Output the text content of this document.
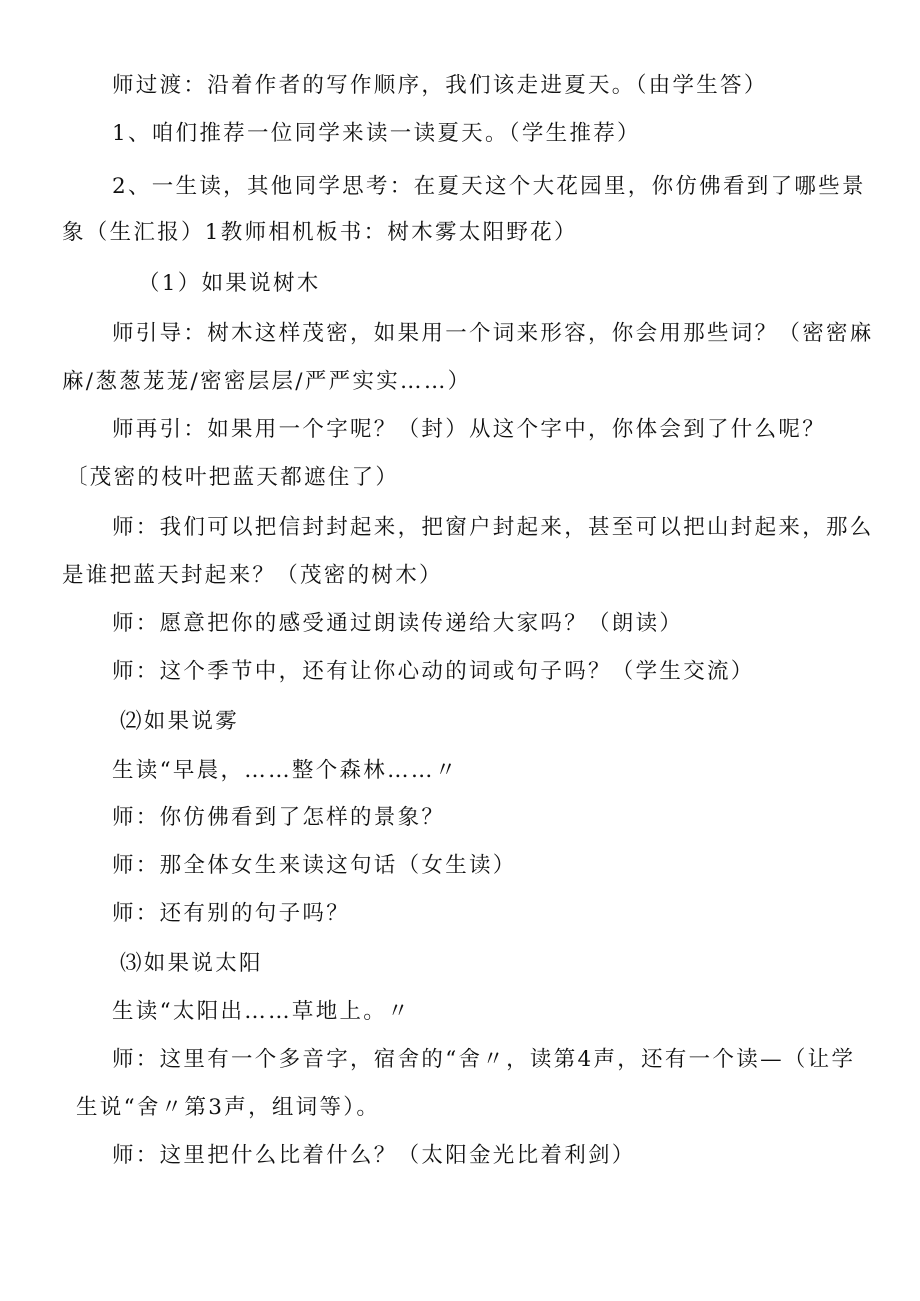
师过渡：沿着作者的写作顺序，我们该走进夏天。（由学生答）
1、咱们推荐一位同学来读一读夏天。（学生推荐）
2、一生读，其他同学思考：在夏天这个大花园里，你仿佛看到了哪些景
象（生汇报）1教师相机板书：树木雾太阳野花）
（1）如果说树木
师引导：树木这样茂密，如果用一个词来形容，你会用那些词？（密密麻
麻/葱葱茏茏/密密层层/严严实实……）
师再引：如果用一个字呢？（封）从这个字中，你体会到了什么呢？
〔茂密的枝叶把蓝天都遮住了）
师：我们可以把信封封起来，把窗户封起来，甚至可以把山封起来，那么
是谁把蓝天封起来？（茂密的树木）
师：愿意把你的感受通过朗读传递给大家吗？（朗读）
师：这个季节中，还有让你心动的词或句子吗？（学生交流）
⑵如果说雾
生读“早晨，……整个森林……〃
师：你仿佛看到了怎样的景象？
师：那全体女生来读这句话（女生读）
师：还有别的句子吗？
⑶如果说太阳
生读“太阳出……草地上。〃
师：这里有一个多音字，宿舍的“舍〃，读第4声，还有一个读—（让学
生说“舍〃第3声，组词等）。
师：这里把什么比着什么？（太阳金光比着利剑）
